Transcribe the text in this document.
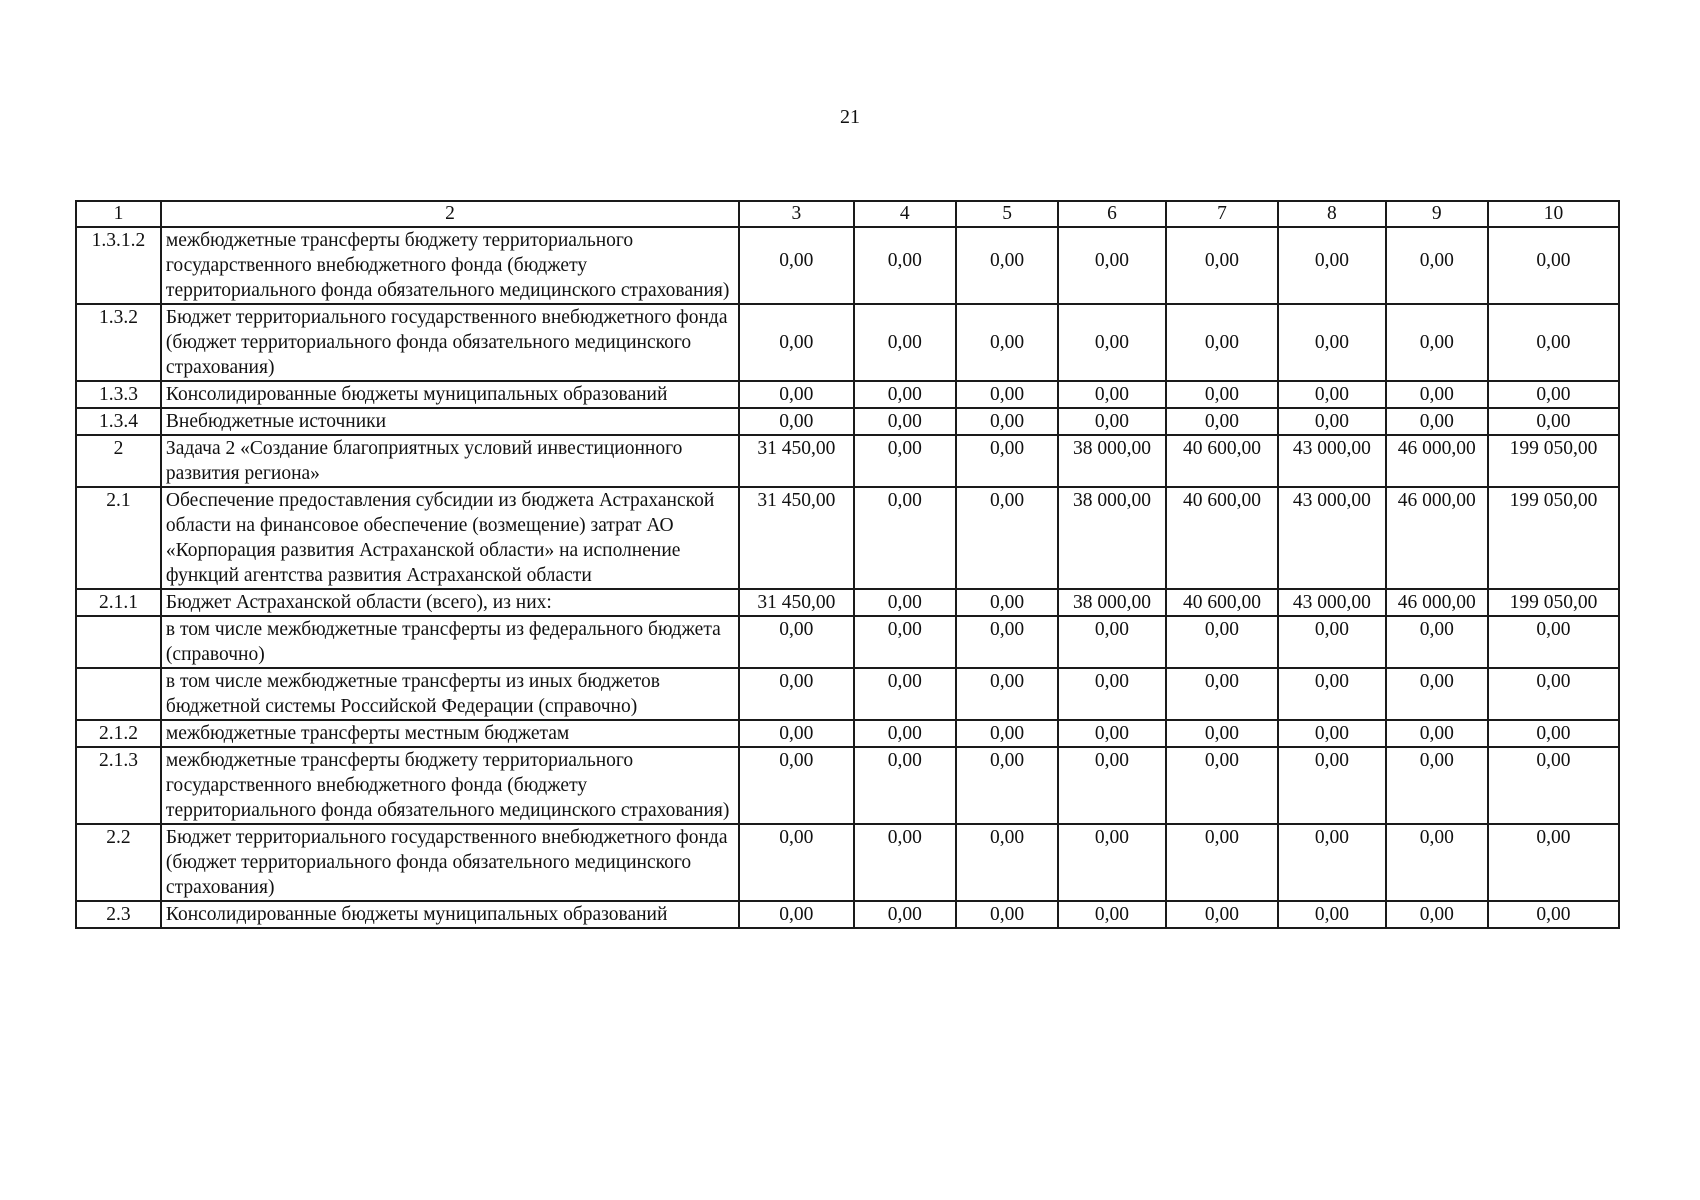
21
1	2	3	4	5	6	7	8	9	10
1.3.1.2	межбюджетные трансферты бюджету территориального государственного внебюджетного фонда (бюджету территориального фонда обязательного медицинского страхования)	0,00	0,00	0,00	0,00	0,00	0,00	0,00	0,00
1.3.2	Бюджет территориального государственного внебюджетного фонда (бюджет территориального фонда обязательного медицинского страхования)	0,00	0,00	0,00	0,00	0,00	0,00	0,00	0,00
1.3.3	Консолидированные бюджеты муниципальных образований	0,00	0,00	0,00	0,00	0,00	0,00	0,00	0,00
1.3.4	Внебюджетные источники	0,00	0,00	0,00	0,00	0,00	0,00	0,00	0,00
2	Задача 2 «Создание благоприятных условий инвестиционного развития региона»	31 450,00	0,00	0,00	38 000,00	40 600,00	43 000,00	46 000,00	199 050,00
2.1	Обеспечение предоставления субсидии из бюджета Астраханской области на финансовое обеспечение (возмещение) затрат АО «Корпорация развития Астраханской области» на исполнение функций агентства развития Астраханской области	31 450,00	0,00	0,00	38 000,00	40 600,00	43 000,00	46 000,00	199 050,00
2.1.1	Бюджет Астраханской области (всего), из них:	31 450,00	0,00	0,00	38 000,00	40 600,00	43 000,00	46 000,00	199 050,00
	в том числе межбюджетные трансферты из федерального бюджета (справочно)	0,00	0,00	0,00	0,00	0,00	0,00	0,00	0,00
	в том числе межбюджетные трансферты из иных бюджетов бюджетной системы Российской Федерации (справочно)	0,00	0,00	0,00	0,00	0,00	0,00	0,00	0,00
2.1.2	межбюджетные трансферты местным бюджетам	0,00	0,00	0,00	0,00	0,00	0,00	0,00	0,00
2.1.3	межбюджетные трансферты бюджету территориального государственного внебюджетного фонда (бюджету территориального фонда обязательного медицинского страхования)	0,00	0,00	0,00	0,00	0,00	0,00	0,00	0,00
2.2	Бюджет территориального государственного внебюджетного фонда (бюджет территориального фонда обязательного медицинского страхования)	0,00	0,00	0,00	0,00	0,00	0,00	0,00	0,00
2.3	Консолидированные бюджеты муниципальных образований	0,00	0,00	0,00	0,00	0,00	0,00	0,00	0,00
